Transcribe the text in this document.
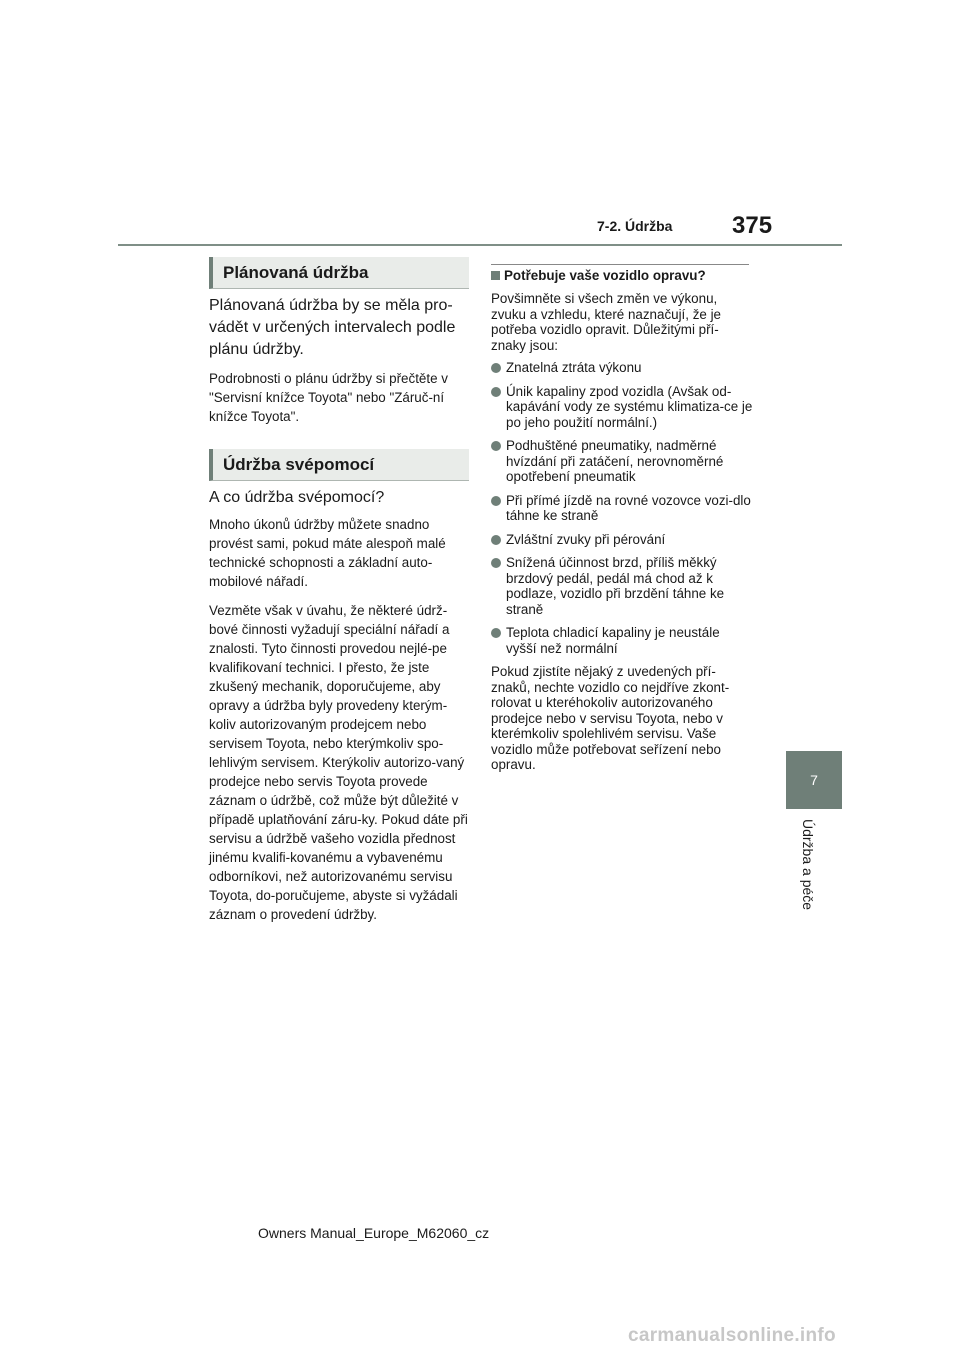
7-2. Údržba 375
7
Údržba a péče
Plánovaná údržba
Plánovaná údržba by se měla pro-vádět v určených intervalech podle plánu údržby.
Podrobnosti o plánu údržby si přečtěte v "Servisní knížce Toyota" nebo "Záruč-ní knížce Toyota".
Údržba svépomocí
A co údržba svépomocí?
Mnoho úkonů údržby můžete snadno provést sami, pokud máte alespoň malé technické schopnosti a základní auto-mobilové nářadí.
Vezměte však v úvahu, že některé údrž-bové činnosti vyžadují speciální nářadí a znalosti. Tyto činnosti provedou nejlé-pe kvalifikovaní technici. I přesto, že jste zkušený mechanik, doporučujeme, aby opravy a údržba byly provedeny kterým-koliv autorizovaným prodejcem nebo servisem Toyota, nebo kterýmkoliv spo-lehlivým servisem. Kterýkoliv autorizo-vaný prodejce nebo servis Toyota provede záznam o údržbě, což může být důležité v případě uplatňování záru-ky. Pokud dáte při servisu a údržbě vašeho vozidla přednost jinému kvalifi-kovanému a vybavenému odborníkovi, než autorizovanému servisu Toyota, do-poručujeme, abyste si vyžádali záznam o provedení údržby.
Potřebuje vaše vozidlo opravu?
Povšimněte si všech změn ve výkonu, zvuku a vzhledu, které naznačují, že je potřeba vozidlo opravit. Důležitými pří-znaky jsou:
Znatelná ztráta výkonu
Únik kapaliny zpod vozidla (Avšak od-kapávání vody ze systému klimatiza-ce je po jeho použití normální.)
Podhuštěné pneumatiky, nadměrné hvízdání při zatáčení, nerovnoměrné opotřebení pneumatik
Při přímé jízdě na rovné vozovce vozi-dlo táhne ke straně
Zvláštní zvuky při pérování
Snížená účinnost brzd, příliš měkký brzdový pedál, pedál má chod až k podlaze, vozidlo při brzdění táhne ke straně
Teplota chladicí kapaliny je neustále vyšší než normální
Pokud zjistíte nějaký z uvedených pří-znaků, nechte vozidlo co nejdříve zkont-rolovat u kteréhokoliv autorizovaného prodejce nebo v servisu Toyota, nebo v kterémkoliv spolehlivém servisu. Vaše vozidlo může potřebovat seřízení nebo opravu.
Owners Manual_Europe_M62060_cz
carmanualsonline.info
